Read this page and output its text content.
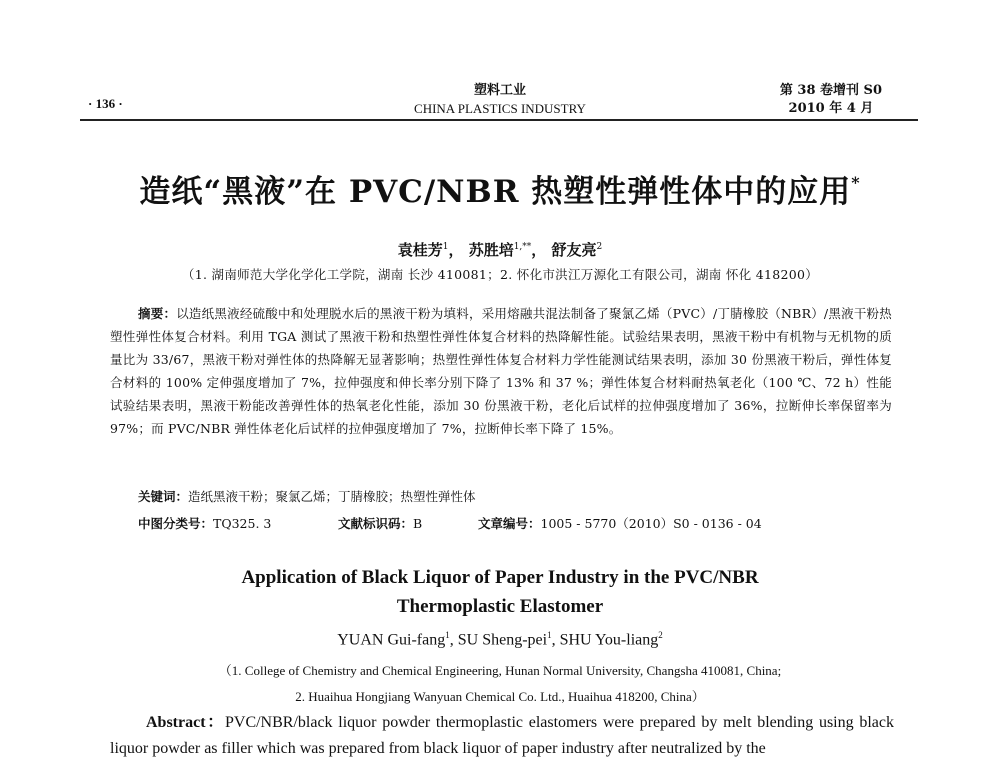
· 136 ·
塑料工业
CHINA PLASTICS INDUSTRY
第 38 卷增刊 S0
2010 年 4 月
造纸“黑液”在 PVC/NBR 热塑性弹性体中的应用*
袁桂芳$^1$， 苏胜培$^{1,**}$， 舒友亮$^2$
（1. 湖南师范大学化学化工学院，湖南 长沙 410081；2. 怀化市洪江万源化工有限公司，湖南 怀化 418200）

摘要：以造纸黑液经硫酸中和处理脱水后的黑液干粉为填料，采用熔融共混法制备了聚氯乙烯（PVC）/丁腈橡胶（NBR）/黑液干粉热塑性弹性体复合材料。利用 TGA 测试了黑液干粉和热塑性弹性体复合材料的热降解性能。试验结果表明，黑液干粉中有机物与无机物的质量比为 33/67，黑液干粉对弹性体的热降解无显著影响；热塑性弹性体复合材料力学性能测试结果表明，添加 30 份黑液干粉后，弹性体复合材料的 100% 定伸强度增加了 7%，拉伸强度和伸长率分别下降了 13% 和 37 %；弹性体复合材料耐热氧老化（100 ℃、72 h）性能试验结果表明，黑液干粉能改善弹性体的热氧老化性能，添加 30 份黑液干粉，老化后试样的拉伸强度增加了 36%，拉断伸长率保留率为 97%；而 PVC/NBR 弹性体老化后试样的拉伸强度增加了 7%，拉断伸长率下降了 15%。

关键词：造纸黑液干粉；聚氯乙烯；丁腈橡胶；热塑性弹性体
中图分类号：TQ325. 3	文献标识码：B	文章编号：1005 - 5770（2010）S0 - 0136 - 04
Application of Black Liquor of Paper Industry in the PVC/NBR
Thermoplastic Elastomer
YUAN Gui-fang$^1$, SU Sheng-pei$^1$, SHU You-liang$^2$
（1. College of Chemistry and Chemical Engineering, Hunan Normal University, Changsha 410081, China;
2. Huaihua Hongjiang Wanyuan Chemical Co. Ltd., Huaihua 418200, China）

Abstract：PVC/NBR/black liquor powder thermoplastic elastomers were prepared by melt blending using black liquor powder as filler which was prepared from black liquor of paper industry after neutralized by the
